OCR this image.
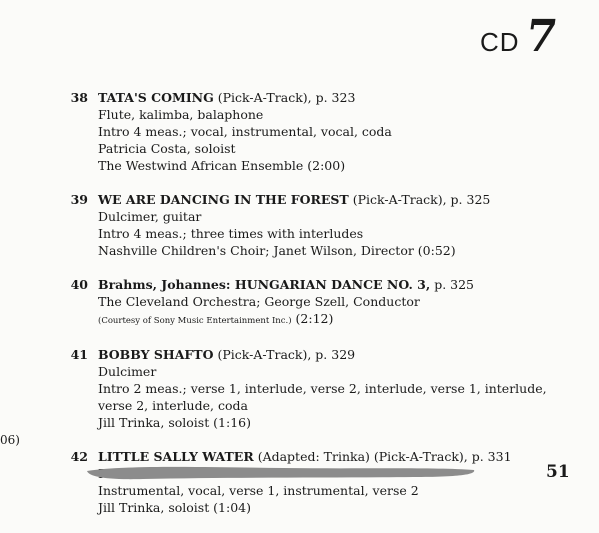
CD 7
38 TATA'S COMING (Pick-A-Track), p. 323
Flute, kalimba, balaphone
Intro 4 meas.; vocal, instrumental, vocal, coda
Patricia Costa, soloist
The Westwind African Ensemble (2:00)
39 WE ARE DANCING IN THE FOREST (Pick-A-Track), p. 325
Dulcimer, guitar
Intro 4 meas.; three times with interludes
Nashville Children's Choir; Janet Wilson, Director (0:52)
40 Brahms, Johannes: HUNGARIAN DANCE NO. 3, p. 325
The Cleveland Orchestra; George Szell, Conductor
(Courtesy of Sony Music Entertainment Inc.) (2:12)
41 BOBBY SHAFTO (Pick-A-Track), p. 329
Dulcimer
Intro 2 meas.; verse 1, interlude, verse 2, interlude, verse 1, interlude, verse 2, interlude, coda
Jill Trinka, soloist (1:16)
42 LITTLE SALLY WATER (Adapted: Trinka) (Pick-A-Track), p. 331
Instrumental, vocal, verse 1, instrumental, verse 2
Jill Trinka, soloist (1:04)
06)
51
